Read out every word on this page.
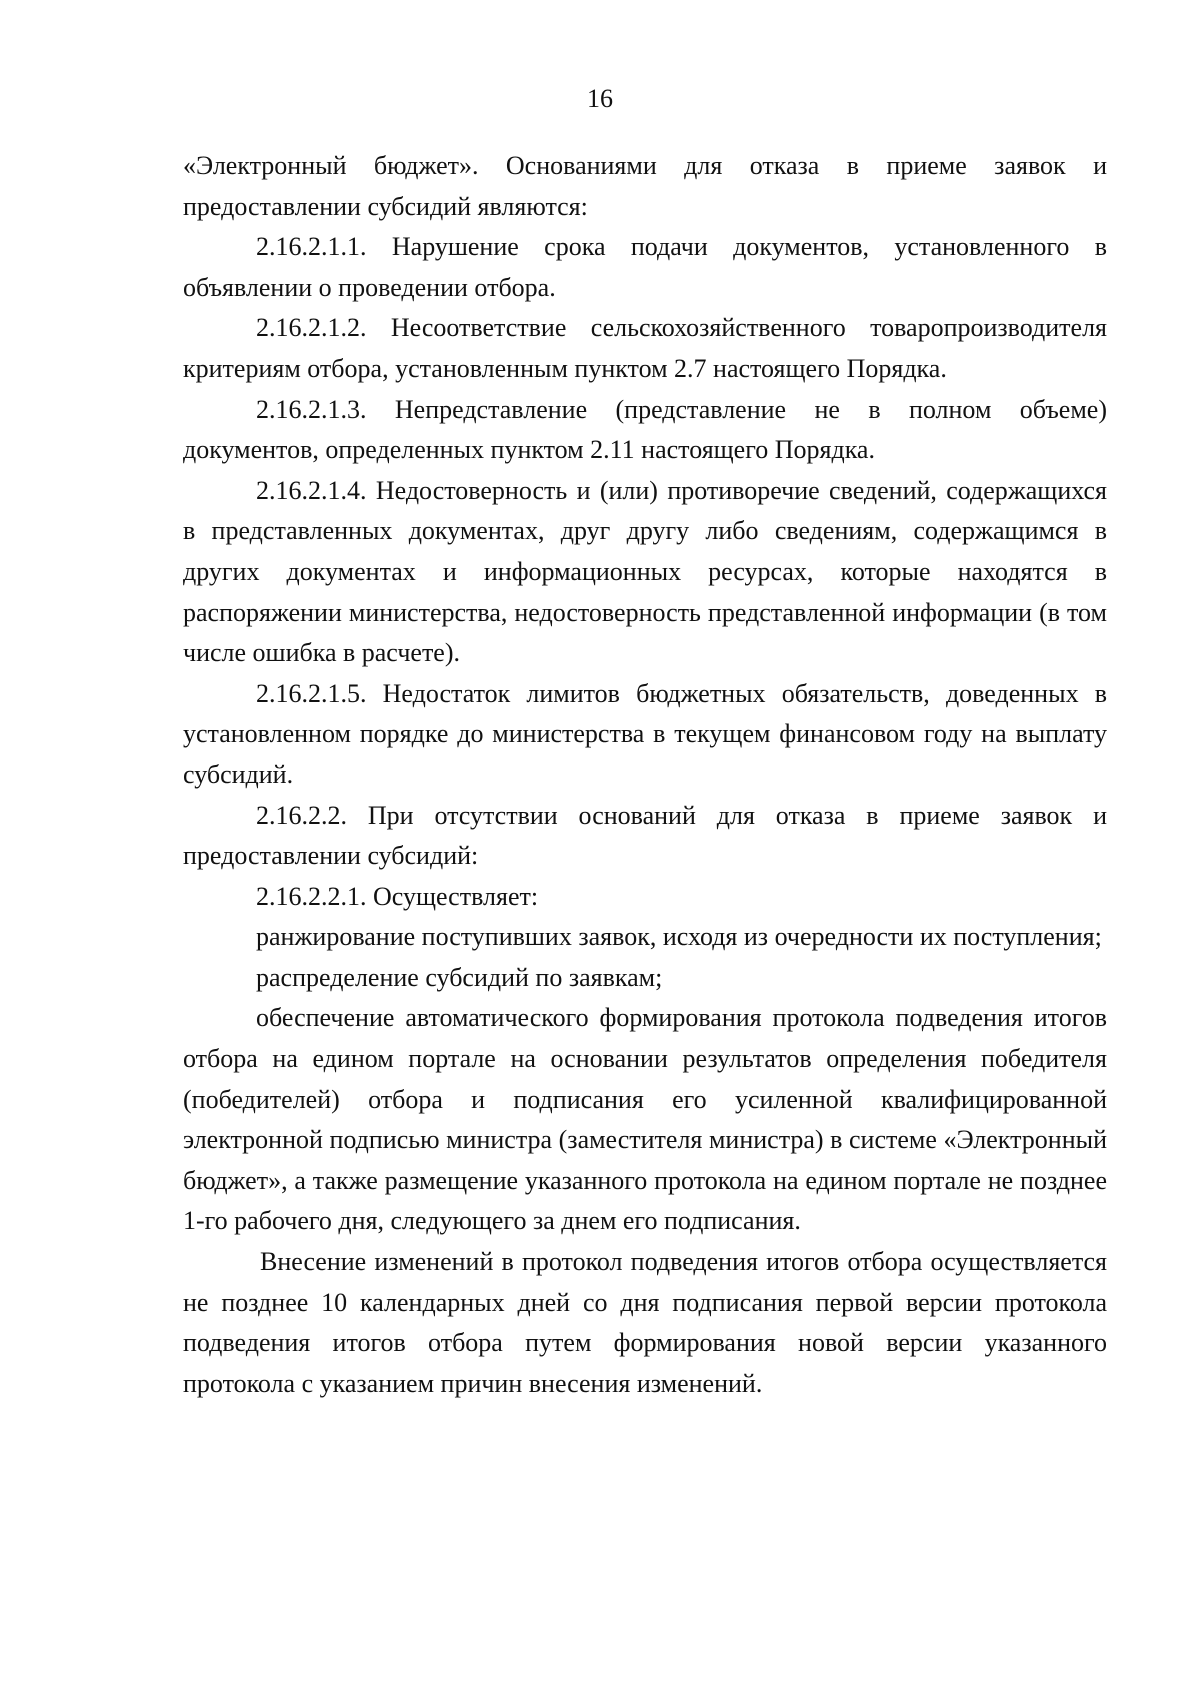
16

«Электронный бюджет». Основаниями для отказа в приеме заявок и предоставлении субсидий являются:

2.16.2.1.1. Нарушение срока подачи документов, установленного в объявлении о проведении отбора.

2.16.2.1.2. Несоответствие сельскохозяйственного товаропроизводителя критериям отбора, установленным пунктом 2.7 настоящего Порядка.

2.16.2.1.3. Непредставление (представление не в полном объеме) документов, определенных пунктом 2.11 настоящего Порядка.

2.16.2.1.4. Недостоверность и (или) противоречие сведений, содержащихся в представленных документах, друг другу либо сведениям, содержащимся в других документах и информационных ресурсах, которые находятся в распоряжении министерства, недостоверность представленной информации (в том числе ошибка в расчете).

2.16.2.1.5. Недостаток лимитов бюджетных обязательств, доведенных в установленном порядке до министерства в текущем финансовом году на выплату субсидий.

2.16.2.2. При отсутствии оснований для отказа в приеме заявок и предоставлении субсидий:

2.16.2.2.1. Осуществляет:

ранжирование поступивших заявок, исходя из очередности их поступления;

распределение субсидий по заявкам;

обеспечение автоматического формирования протокола подведения итогов отбора на едином портале на основании результатов определения победителя (победителей) отбора и подписания его усиленной квалифицированной электронной подписью министра (заместителя министра) в системе «Электронный бюджет», а также размещение указанного протокола на едином портале не позднее 1-го рабочего дня, следующего за днем его подписания.

Внесение изменений в протокол подведения итогов отбора осуществляется не позднее 10 календарных дней со дня подписания первой версии протокола подведения итогов отбора путем формирования новой версии указанного протокола с указанием причин внесения изменений.
